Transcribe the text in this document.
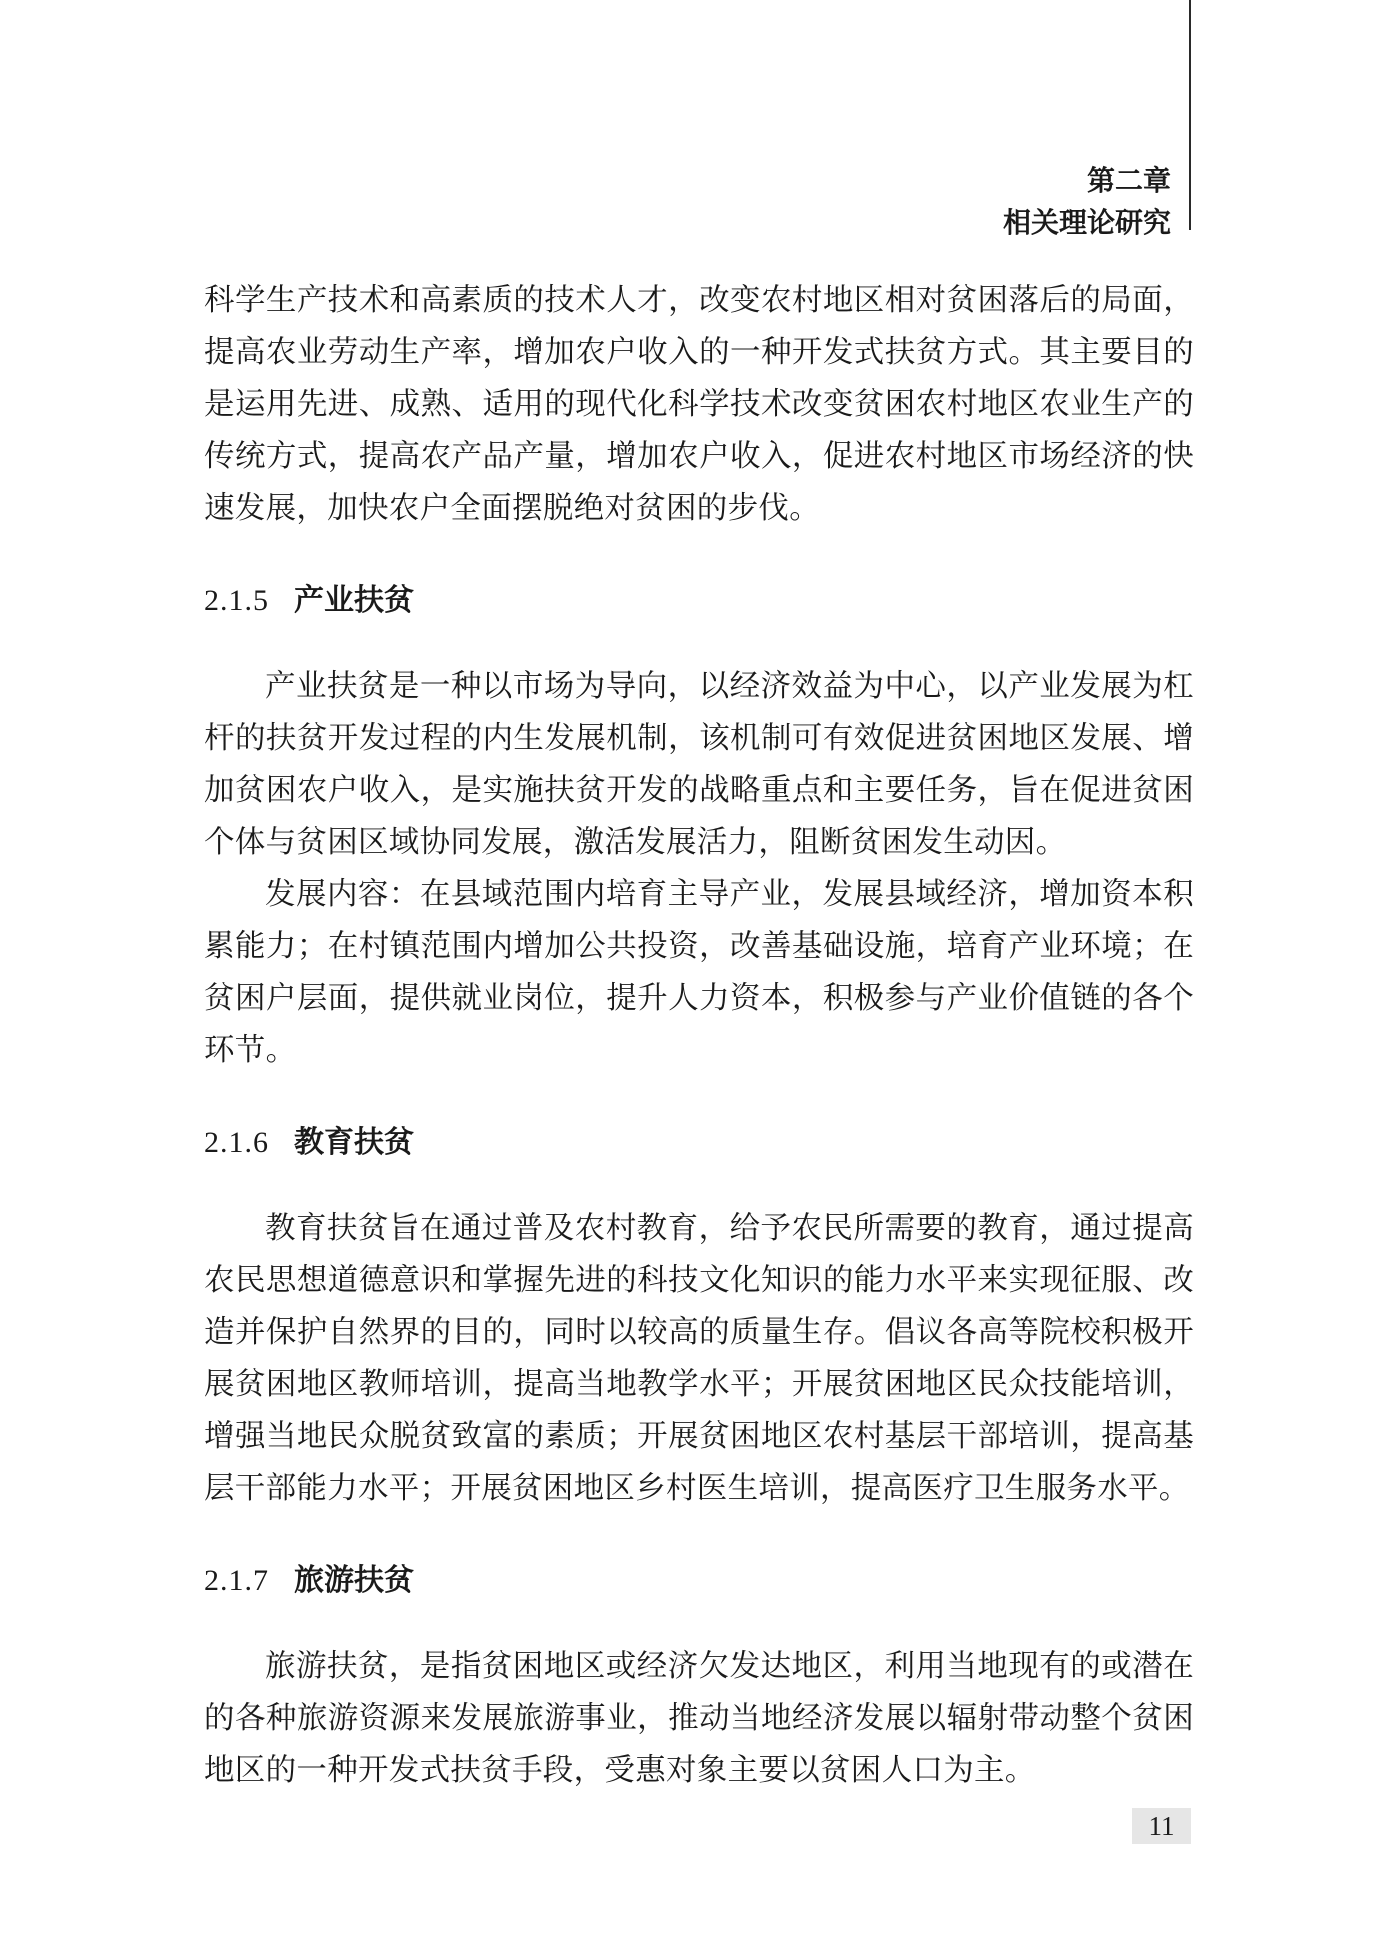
第二章
相关理论研究

科学生产技术和高素质的技术人才，改变农村地区相对贫困落后的局面，提高农业劳动生产率，增加农户收入的一种开发式扶贫方式。其主要目的是运用先进、成熟、适用的现代化科学技术改变贫困农村地区农业生产的传统方式，提高农产品产量，增加农户收入，促进农村地区市场经济的快速发展，加快农户全面摆脱绝对贫困的步伐。

2.1.5 产业扶贫

产业扶贫是一种以市场为导向，以经济效益为中心，以产业发展为杠杆的扶贫开发过程的内生发展机制，该机制可有效促进贫困地区发展、增加贫困农户收入，是实施扶贫开发的战略重点和主要任务，旨在促进贫困个体与贫困区域协同发展，激活发展活力，阻断贫困发生动因。

发展内容：在县域范围内培育主导产业，发展县域经济，增加资本积累能力；在村镇范围内增加公共投资，改善基础设施，培育产业环境；在贫困户层面，提供就业岗位，提升人力资本，积极参与产业价值链的各个环节。

2.1.6 教育扶贫

教育扶贫旨在通过普及农村教育，给予农民所需要的教育，通过提高农民思想道德意识和掌握先进的科技文化知识的能力水平来实现征服、改造并保护自然界的目的，同时以较高的质量生存。倡议各高等院校积极开展贫困地区教师培训，提高当地教学水平；开展贫困地区民众技能培训，增强当地民众脱贫致富的素质；开展贫困地区农村基层干部培训，提高基层干部能力水平；开展贫困地区乡村医生培训，提高医疗卫生服务水平。

2.1.7 旅游扶贫

旅游扶贫，是指贫困地区或经济欠发达地区，利用当地现有的或潜在的各种旅游资源来发展旅游事业，推动当地经济发展以辐射带动整个贫困地区的一种开发式扶贫手段，受惠对象主要以贫困人口为主。

11
